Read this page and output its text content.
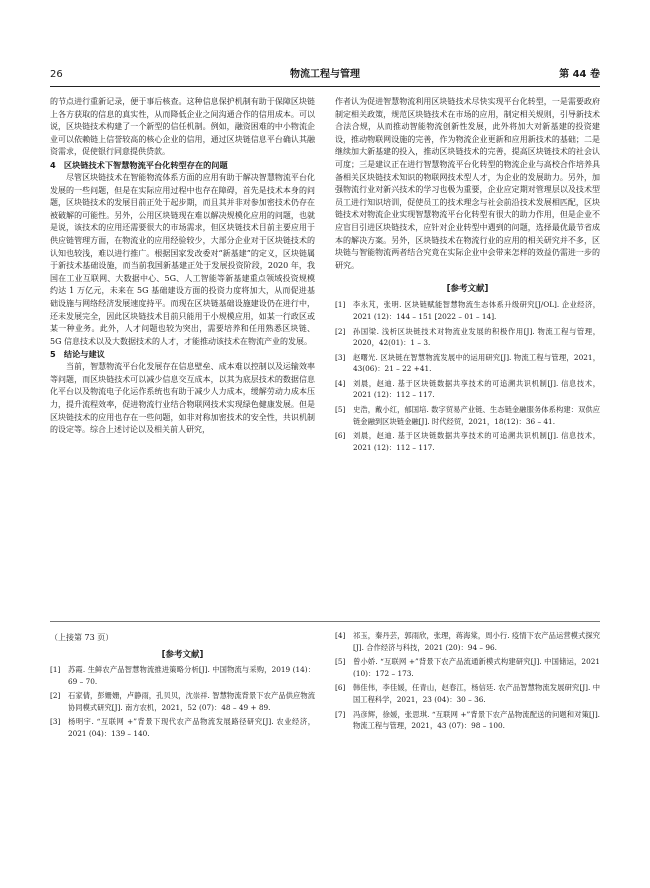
26	物流工程与管理	第 44 卷

的节点进行重新记录，便于事后核查。这种信息保护机制有助于保障区块链上各方获取的信息的真实性，从而降低企业之间沟通合作的信用成本。可以说，区块链技术构建了一个新型的信任机制。例如，融资困难的中小物流企业可以依赖链上信誉较高的核心企业的信用，通过区块链信息平台确认其融资需求，促使银行同意提供贷款。

4　区块链技术下智慧物流平台化转型存在的问题

尽管区块链技术在智能物流体系方面的应用有助于解决智慧物流平台化发展的一些问题，但是在实际应用过程中也存在障碍，首先是技术本身的问题，区块链技术的发展目前正处于起步期，而且其并非对参加密技术仍存在被破解的可能性。另外，公用区块链现在难以解决规模化应用的问题，也就是说，该技术的应用还需要很大的市场需求，但区块链技术目前主要应用于供应链管理方面，在物流业的应用经验较少，大部分企业对于区块链技术的认知也较浅，难以进行推广。根据国家发改委对“新基建”的定义，区块链属于新技术基础设施，而当前我国新基建正处于发展投资阶段，2020 年，我国在工业互联网、大数据中心、5G、人工智能等新基建重点领域投资规模约达 1 万亿元，未来在 5G 基础建设方面的投资力度将加大，从而促进基础设施与网络经济发展速度持平。而现在区块链基础设施建设仍在进行中，还未发展完全，因此区块链技术目前只能用于小规模应用，如某一行政区或某一种业务。此外，人才问题也较为突出，需要培养和任用熟悉区块链、5G 信息技术以及大数据技术的人才，才能推动该技术在物流产业的发展。

5　结论与建议

当前，智慧物流平台化发展存在信息壁垒、成本难以控制以及运输效率等问题，而区块链技术可以减少信息交互成本，以其为底层技术的数据信息化平台以及物流电子化运作系统也有助于减少人力成本，缓解劳动力成本压力，提升流程效率，促进物流行业结合物联网技术实现绿色健康发展。但是区块链技术的应用也存在一些问题，如非对称加密技术的安全性，共识机制的设定等。综合上述讨论以及相关前人研究，

作者认为促进智慧物流利用区块链技术尽快实现平台化转型，一是需要政府制定相关政策，规范区块链技术在市场的应用，制定相关规则，引导新技术合法合规，从而推动智能物流创新性发展，此外将加大对新基建的投资建设，推动物联网设施的完善，作为物流企业更新和应用新技术的基础；二是继续加大新基建的投入，推动区块链技术的完善，提高区块链技术的社会认可度；三是建议正在进行智慧物流平台化转型的物流企业与高校合作培养具备相关区块链技术知识的物联网技术型人才，为企业的发展助力。另外，加强物流行业对新兴技术的学习也极为重要，企业应定期对管理层以及技术型员工进行知识培训，促使员工的技术理念与社会前沿技术发展相匹配，区块链技术对物流企业实现智慧物流平台化转型有很大的助力作用，但是企业不应盲目引进区块链技术，应针对企业转型中遇到的问题，选择最优最节省成本的解决方案。另外，区块链技术在物流行业的应用的相关研究并不多，区块链与智能物流两者结合究竟在实际企业中会带来怎样的效益仍需进一步的研究。

[参考文献]
[1] 李永芃，张明. 区块链赋能智慧物流生态体系升级研究[J/OL]. 企业经济，2021 (12)：144 – 151 [2022 – 01 – 14].
[2] 孙国梁. 浅析区块链技术对物流业发展的积极作用[J]. 物流工程与管理，2020，42(01)：1 – 3.
[3] 赵曙光. 区块链在智慧物流发展中的运用研究[J]. 物流工程与管理，2021，43(06)：21 – 22 +41.
[4] 刘晨，赵迪. 基于区块链数据共享技术的可追溯共识机制[J]. 信息技术，2021 (12)：112 – 117.
[5] 史浩，戴小红，郁国培. 数字贸易产业链、生态链金融服务体系构建：双供应链金融到区块链金融[J]. 时代经贸，2021，18(12)：36 – 41.
[6] 刘晨，赵迪. 基于区块链数据共享技术的可追溯共识机制[J]. 信息技术，2021 (12)：112 – 117.

（上接第 73 页）

[参考文献]
[1] 苏霞. 生鲜农产品智慧物流推进策略分析[J]. 中国物流与采购，2019 (14)：69 – 70.
[2] 石家倩，彭姗姗，卢静雨，孔贝贝，沈崇祥. 智慧物流背景下农产品供应物流协同模式研究[J]. 南方农机，2021，52 (07)：48 – 49 + 89.
[3] 杨明宇. “互联网 +”背景下现代农产品物流发展路径研究[J]. 农业经济，2021 (04)：139 – 140.
[4] 祁玉，秦丹芸，郭雨欣，张理，蒋海棠，周小行. 疫情下农产品运营模式探究[J]. 合作经济与科技，2021 (20)：94 – 96.
[5] 曾小娇. “互联网 +”背景下农产品流通新模式构建研究[J]. 中国储运，2021 (10)：172 – 173.
[6] 韩佳伟，李佳媛，任青山，赵春江，杨信廷. 农产品智慧物流发展研究[J]. 中国工程科学，2021，23 (04)：30 – 36.
[7] 冯彦辉，徐媛，张思琪. “互联网 +”背景下农产品物流配送的问题和对策[J]. 物流工程与管理，2021，43 (07)：98 – 100.
